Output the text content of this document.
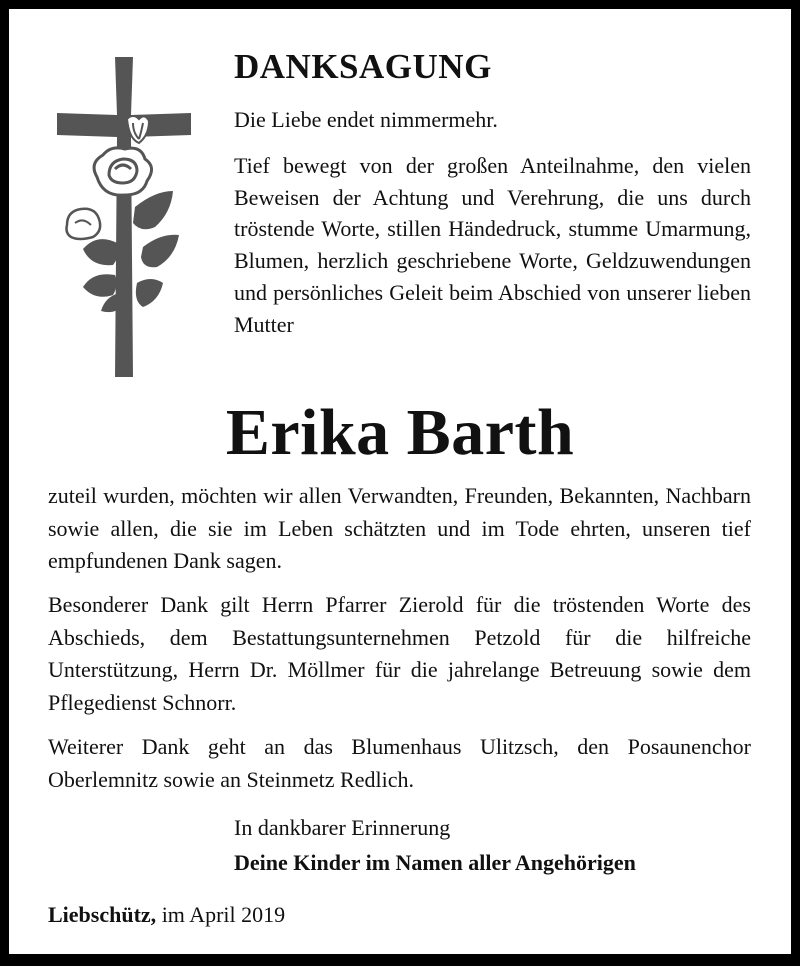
DANKSAGUNG

Die Liebe endet nimmermehr.

Tief bewegt von der großen Anteilnahme, den vielen Beweisen der Achtung und Verehrung, die uns durch tröstende Worte, stillen Händedruck, stumme Umarmung, Blumen, herzlich geschriebene Worte, Geldzuwendungen und persönliches Geleit beim Abschied von unserer lieben Mutter

Erika Barth

zuteil wurden, möchten wir allen Verwandten, Freunden, Bekannten, Nachbarn sowie allen, die sie im Leben schätzten und im Tode ehrten, unseren tief empfundenen Dank sagen.

Besonderer Dank gilt Herrn Pfarrer Zierold für die tröstenden Worte des Abschieds, dem Bestattungsunternehmen Petzold für die hilfreiche Unterstützung, Herrn Dr. Möllmer für die jahrelange Betreuung sowie dem Pflegedienst Schnorr.

Weiterer Dank geht an das Blumenhaus Ulitzsch, den Posaunenchor Oberlemnitz sowie an Steinmetz Redlich.

In dankbarer Erinnerung

Deine Kinder im Namen aller Angehörigen

Liebschütz, im April 2019
